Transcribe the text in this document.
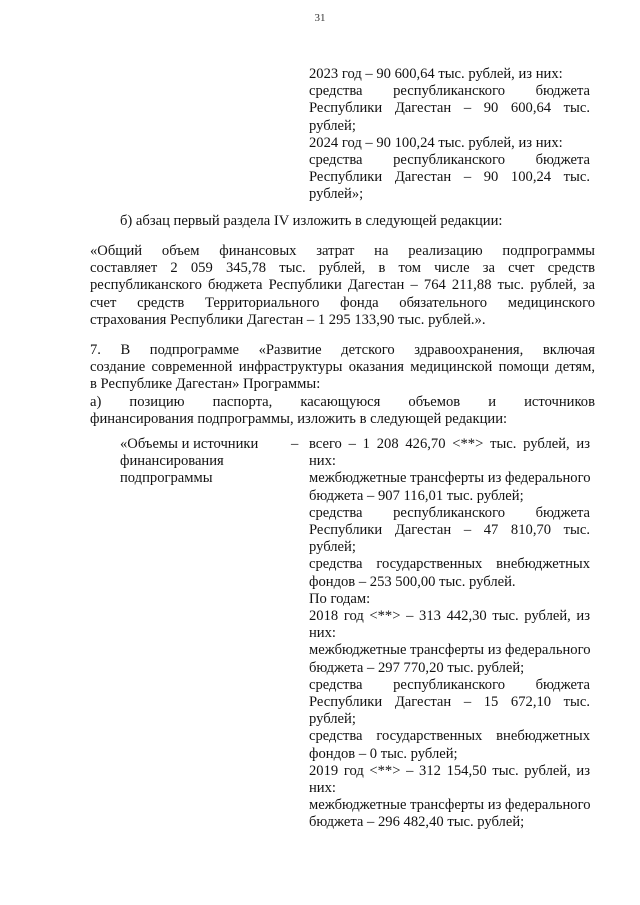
31
2023 год – 90 600,64 тыс. рублей, из них:
средства республиканского бюджета
Республики Дагестан – 90 600,64 тыс.
рублей;
2024 год – 90 100,24 тыс. рублей, из них:
средства республиканского бюджета
Республики Дагестан – 90 100,24 тыс.
рублей»;
б) абзац первый раздела IV изложить в следующей редакции:
«Общий объем финансовых затрат на реализацию подпрограммы
составляет 2 059 345,78 тыс. рублей, в том числе за счет средств
республиканского бюджета Республики Дагестан – 764 211,88 тыс. рублей, за
счет средств Территориального фонда обязательного медицинского
страхования Республики Дагестан – 1 295 133,90 тыс. рублей.».
7. В подпрограмме «Развитие детского здравоохранения, включая
создание современной инфраструктуры оказания медицинской помощи детям,
в Республике Дагестан» Программы:
а) позицию паспорта, касающуюся объемов и источников
финансирования подпрограммы, изложить в следующей редакции:
«Объемы и источники
финансирования
подпрограммы
– всего – 1 208 426,70 <**> тыс. рублей, из
них:
межбюджетные трансферты из федерального
бюджета – 907 116,01 тыс. рублей;
средства республиканского бюджета
Республики Дагестан – 47 810,70 тыс.
рублей;
средства государственных внебюджетных
фондов – 253 500,00 тыс. рублей.
По годам:
2018 год <**> – 313 442,30 тыс. рублей, из
них:
межбюджетные трансферты из федерального
бюджета – 297 770,20 тыс. рублей;
средства республиканского бюджета
Республики Дагестан – 15 672,10 тыс.
рублей;
средства государственных внебюджетных
фондов – 0 тыс. рублей;
2019 год <**> – 312 154,50 тыс. рублей, из
них:
межбюджетные трансферты из федерального
бюджета – 296 482,40 тыс. рублей;
